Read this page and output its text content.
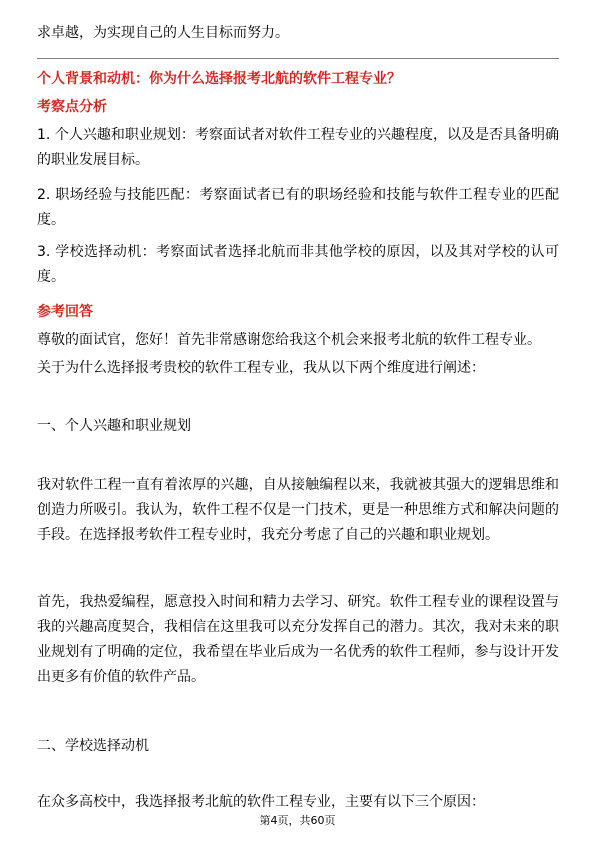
求卓越，为实现自己的人生目标而努力。
个人背景和动机：你为什么选择报考北航的软件工程专业？
考察点分析
1. 个人兴趣和职业规划：考察面试者对软件工程专业的兴趣程度，以及是否具备明确的职业发展目标。
2. 职场经验与技能匹配：考察面试者已有的职场经验和技能与软件工程专业的匹配度。
3. 学校选择动机：考察面试者选择北航而非其他学校的原因，以及其对学校的认可度。
参考回答
尊敬的面试官，您好！首先非常感谢您给我这个机会来报考北航的软件工程专业。
关于为什么选择报考贵校的软件工程专业，我从以下两个维度进行阐述：
一、个人兴趣和职业规划
我对软件工程一直有着浓厚的兴趣，自从接触编程以来，我就被其强大的逻辑思维和创造力所吸引。我认为，软件工程不仅是一门技术，更是一种思维方式和解决问题的手段。在选择报考软件工程专业时，我充分考虑了自己的兴趣和职业规划。
首先，我热爱编程，愿意投入时间和精力去学习、研究。软件工程专业的课程设置与我的兴趣高度契合，我相信在这里我可以充分发挥自己的潜力。其次，我对未来的职业规划有了明确的定位，我希望在毕业后成为一名优秀的软件工程师，参与设计开发出更多有价值的软件产品。
二、学校选择动机
在众多高校中，我选择报考北航的软件工程专业，主要有以下三个原因：
第4页，共60页
